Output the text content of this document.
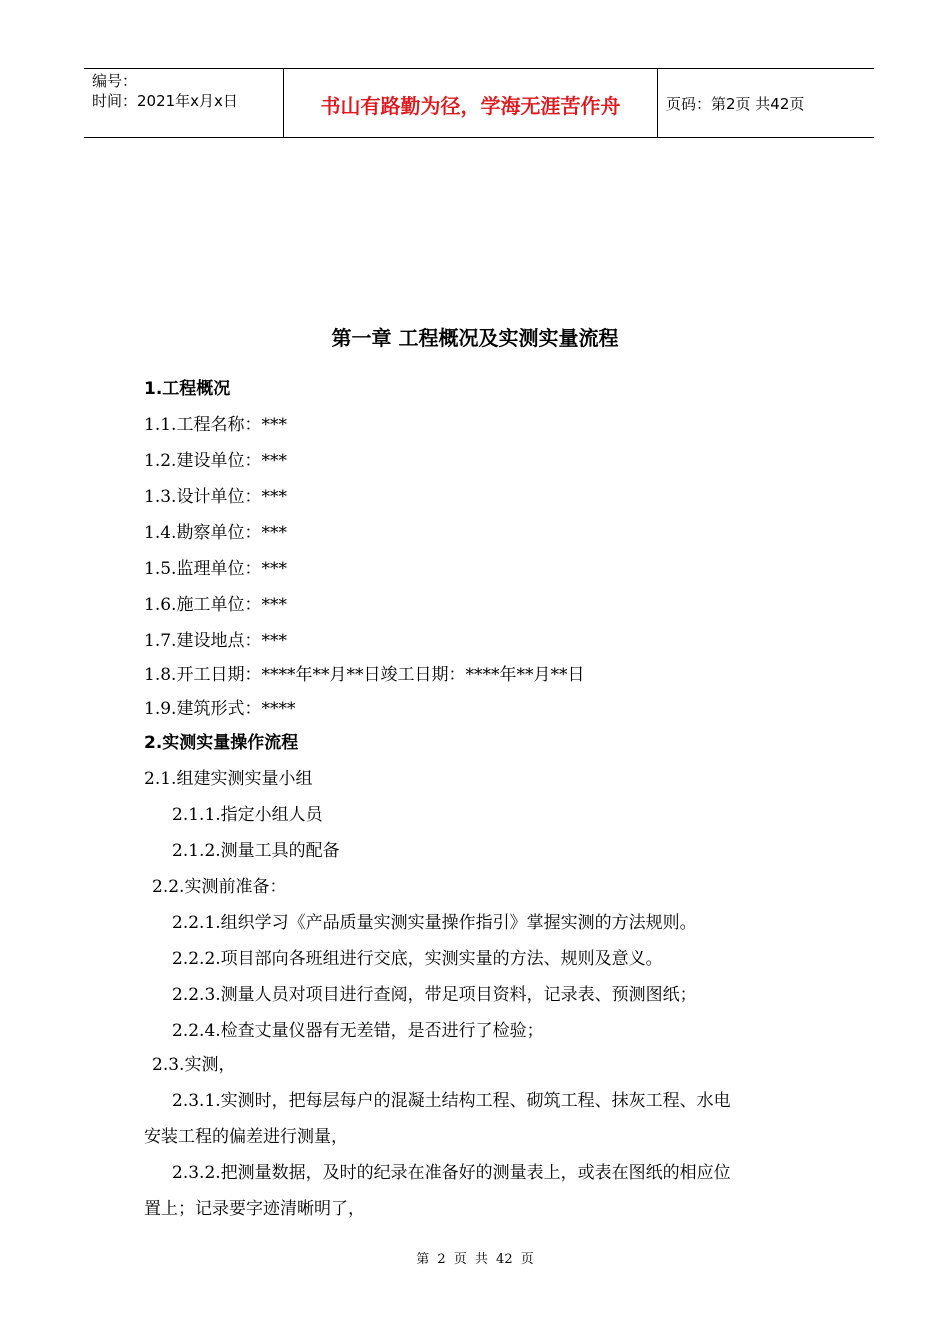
编号：
时间：2021年x月x日	书山有路勤为径，学海无涯苦作舟	页码：第2页 共42页
第一章 工程概况及实测实量流程
1.工程概况
1.1.工程名称：***
1.2.建设单位：***
1.3.设计单位：***
1.4.勘察单位：***
1.5.监理单位：***
1.6.施工单位：***
1.7.建设地点：***
1.8.开工日期：****年**月**日竣工日期：****年**月**日
1.9.建筑形式：****
2.实测实量操作流程
2.1.组建实测实量小组
2.1.1.指定小组人员
2.1.2.测量工具的配备
2.2.实测前准备：
2.2.1.组织学习《产品质量实测实量操作指引》掌握实测的方法规则。
2.2.2.项目部向各班组进行交底，实测实量的方法、规则及意义。
2.2.3.测量人员对项目进行查阅，带足项目资料，记录表、预测图纸；
2.2.4.检查丈量仪器有无差错，是否进行了检验；
2.3.实测，
2.3.1.实测时，把每层每户的混凝土结构工程、砌筑工程、抹灰工程、水电
安装工程的偏差进行测量，
2.3.2.把测量数据，及时的纪录在准备好的测量表上，或表在图纸的相应位
置上；记录要字迹清晰明了，
第 2 页 共 42 页
